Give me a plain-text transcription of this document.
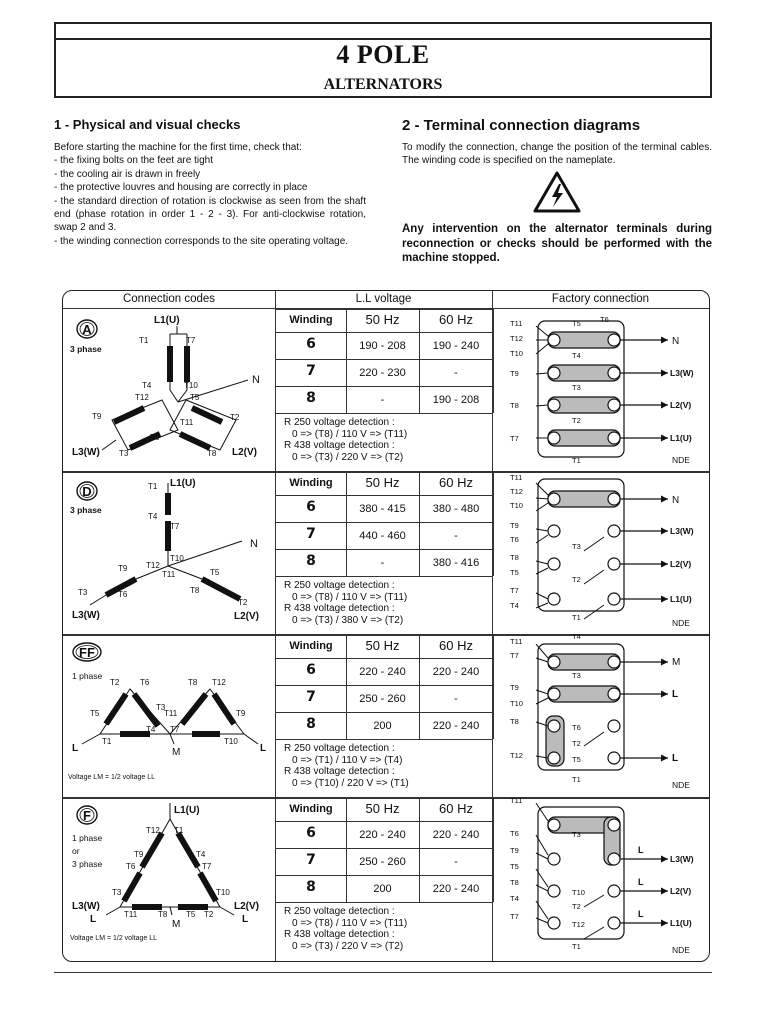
4 POLE
ALTERNATORS
1 - Physical and visual checks
Before starting the machine for the first time, check that:
- the fixing bolts on the feet are tight
- the cooling air is drawn in freely
- the protective louvres and housing are correctly in place
- the standard direction of rotation is clockwise as seen from the shaft end (phase rotation in order 1 - 2 - 3). For anti-clockwise rotation, swap 2 and 3.
- the winding connection corresponds to the site operating voltage.
2 - Terminal connection diagrams
To modify the connection, change the position of the terminal cables. The winding code is specified on the nameplate.
Any intervention on the alternator terminals during reconnection or checks should be performed with the machine stopped.
Connection codes	L.L voltage	Factory connection
Winding	50 Hz	60 Hz
6	190 - 208	190 - 240
7	220 - 230	-
8	-	190 - 208
R 250 voltage detection :
0 => (T8) / 110 V => (T11)
R 438 voltage detection :
0 => (T3) / 220 V => (T2)
Winding	50 Hz	60 Hz
6	380 - 415	380 - 480
7	440 - 460	-
8	-	380 - 416
R 250 voltage detection :
0 => (T8) / 110 V => (T11)
R 438 voltage detection :
0 => (T3) / 380 V => (T2)
Winding	50 Hz	60 Hz
6	220 - 240	220 - 240
7	250 - 260	-
8	200	220 - 240
R 250 voltage detection :
0 => (T1) / 110 V => (T4)
R 438 voltage detection :
0 => (T10) / 220 V => (T1)
Winding	50 Hz	60 Hz
6	220 - 240	220 - 240
7	250 - 260	-
8	200	220 - 240
R 250 voltage detection :
0 => (T8) / 110 V => (T11)
R 438 voltage detection :
0 => (T3) / 220 V => (T2)
A
3 phase
L1(U)
T1	T7
T4	T10
T12
N
T9
T6
T3
L3(W)
T5
T2
T11
T8 L2(V)
T11
T12
T10
T9
T8
T7
T5	T6
T4
T3
T2
T1
N
L3(W)
L2(V)
L1(U)
NDE
D
3 phase
L1(U)
T1
T4
T7
T10
T12
N
T9
T3	T6
L3(W)
T11	T5
T8
T2
L2(V)
T11
T12
T10
T9
T6
T8
T5
T7
T4
T3
T2
T1
N
L3(W)
L2(V)
L1(U)
NDE
FF
1 phase
T2	T6
T5
T3
T1
T4
T8 T12
T11	T9
T7
T10
L	L
M
Voltage LM = 1/2 voltage LL
T11
T7
T9
T10
T8
T12
T4
T3
T6
T2
T5
T1
M
L
L
NDE
F
1 phase
or
3 phase
L1(U)
T12 T1
T9	T4
T6	T7
T3	T10
T11	T8 T5 T2
L3(W)	L2(V)
L	L
M
Voltage LM = 1/2 voltage LL
T11
T6
T9
T5
T8
T4
T7
T3
T10
T2
T12
T1
L3(W)
L2(V)
L1(U)
L
L
L
NDE
